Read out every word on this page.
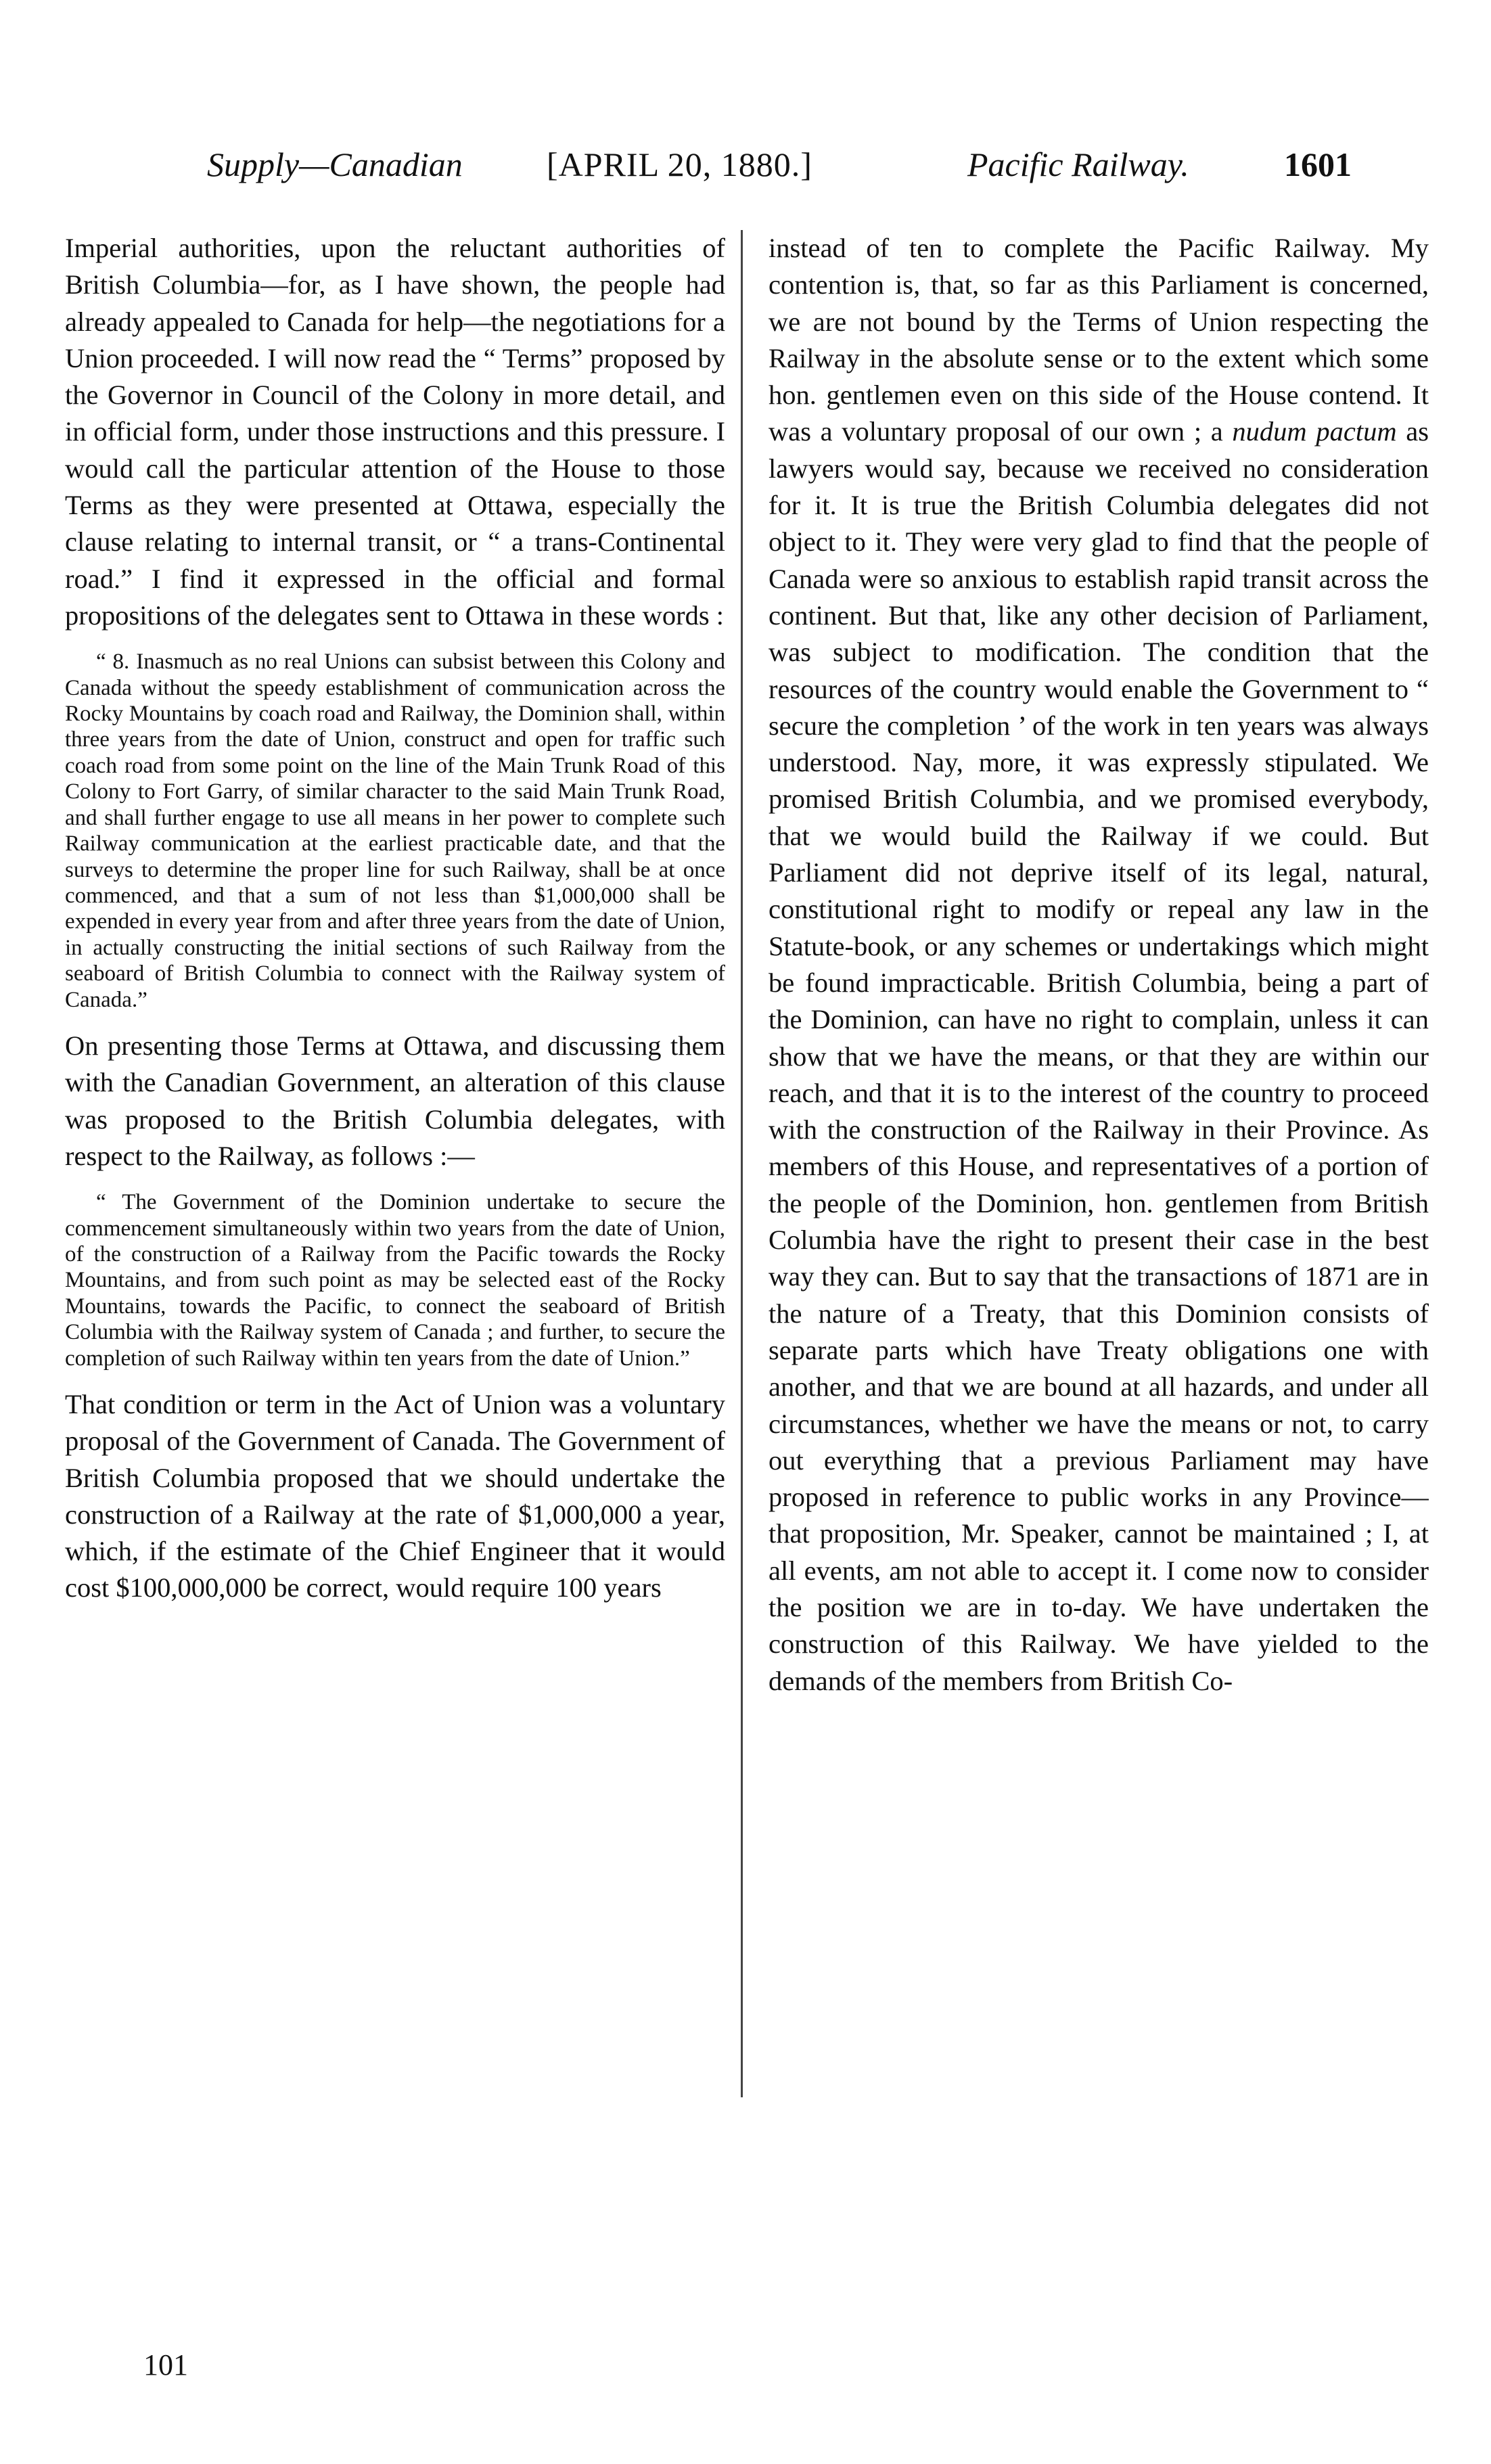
Supply—Canadian [APRIL 20, 1880.]	Pacific Railway.	1601

Imperial authorities, upon the reluctant authorities of British Columbia—for, as I have shown, the people had already appealed to Canada for help—the negotiations for a Union proceeded. I will now read the “ Terms” proposed by the Governor in Council of the Colony in more detail, and in official form, under those instructions and this pressure. I would call the particular attention of the House to those Terms as they were presented at Ottawa, especially the clause relating to internal transit, or “ a trans-Continental road.” I find it expressed in the official and formal propositions of the delegates sent to Ottawa in these words :

“ 8. Inasmuch as no real Unions can subsist between this Colony and Canada without the speedy establishment of communication across the Rocky Mountains by coach road and Railway, the Dominion shall, within three years from the date of Union, construct and open for traffic such coach road from some point on the line of the Main Trunk Road of this Colony to Fort Garry, of similar character to the said Main Trunk Road, and shall further engage to use all means in her power to complete such Railway communication at the earliest practicable date, and that the surveys to determine the proper line for such Railway, shall be at once commenced, and that a sum of not less than $1,000,000 shall be expended in every year from and after three years from the date of Union, in actually constructing the initial sections of such Railway from the seaboard of British Columbia to connect with the Railway system of Canada.”

On presenting those Terms at Ottawa, and discussing them with the Canadian Government, an alteration of this clause was proposed to the British Columbia delegates, with respect to the Railway, as follows :—

“ The Government of the Dominion undertake to secure the commencement simultaneously within two years from the date of Union, of the construction of a Railway from the Pacific towards the Rocky Mountains, and from such point as may be selected east of the Rocky Mountains, towards the Pacific, to connect the seaboard of British Columbia with the Railway system of Canada ; and further, to secure the completion of such Railway within ten years from the date of Union.”

That condition or term in the Act of Union was a voluntary proposal of the Government of Canada. The Government of British Columbia proposed that we should undertake the construction of a Railway at the rate of $1,000,000 a year, which, if the estimate of the Chief Engineer that it would cost $100,000,000 be correct, would require 100 years

instead of ten to complete the Pacific Railway. My contention is, that, so far as this Parliament is concerned, we are not bound by the Terms of Union respecting the Railway in the absolute sense or to the extent which some hon. gentlemen even on this side of the House contend. It was a voluntary proposal of our own ; a nudum pactum as lawyers would say, because we received no consideration for it. It is true the British Columbia delegates did not object to it. They were very glad to find that the people of Canada were so anxious to establish rapid transit across the continent. But that, like any other decision of Parliament, was subject to modification. The condition that the resources of the country would enable the Government to “ secure the completion ’ of the work in ten years was always understood. Nay, more, it was expressly stipulated. We promised British Columbia, and we promised everybody, that we would build the Railway if we could. But Parliament did not deprive itself of its legal, natural, constitutional right to modify or repeal any law in the Statute-book, or any schemes or undertakings which might be found impracticable. British Columbia, being a part of the Dominion, can have no right to complain, unless it can show that we have the means, or that they are within our reach, and that it is to the interest of the country to proceed with the construction of the Railway in their Province. As members of this House, and representatives of a portion of the people of the Dominion, hon. gentlemen from British Columbia have the right to present their case in the best way they can. But to say that the transactions of 1871 are in the nature of a Treaty, that this Dominion consists of separate parts which have Treaty obligations one with another, and that we are bound at all hazards, and under all circumstances, whether we have the means or not, to carry out everything that a previous Parliament may have proposed in reference to public works in any Province—that proposition, Mr. Speaker, cannot be maintained ; I, at all events, am not able to accept it. I come now to consider the position we are in to-day. We have undertaken the construction of this Railway. We have yielded to the demands of the members from British Co-

101
